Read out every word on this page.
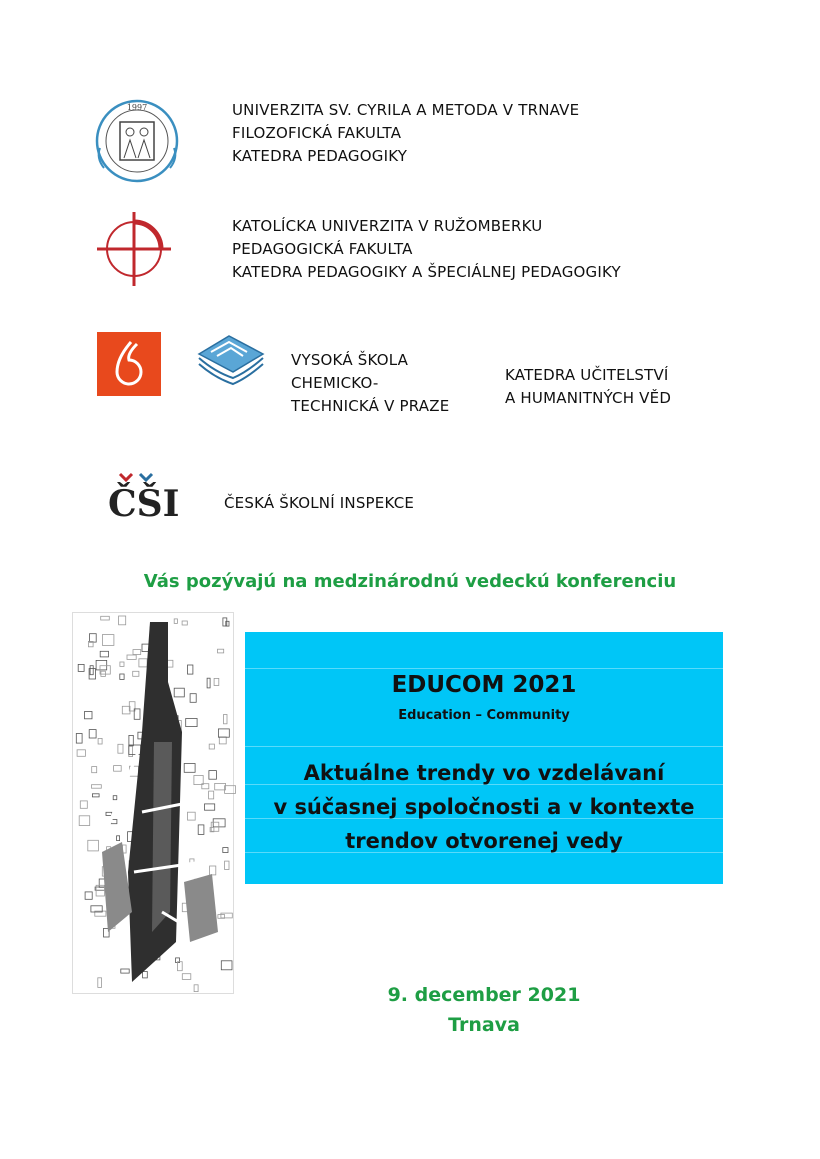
1997	UNIVERZITA SV. CYRILA A METODA V TRNAVE
FILOZOFICKÁ FAKULTA
KATEDRA PEDAGOGIKY
KATOLÍCKA UNIVERZITA V RUŽOMBERKU
PEDAGOGICKÁ FAKULTA
KATEDRA PEDAGOGIKY A ŠPECIÁLNEJ PEDAGOGIKY
VYSOKÁ ŠKOLA
CHEMICKO-
TECHNICKÁ V PRAZE
KATEDRA UČITELSTVÍ
A HUMANITNÝCH VĚD
ČŠI	ČESKÁ ŠKOLNÍ INSPEKCE
Vás pozývajú na medzinárodnú vedeckú konferenciu
EDUCOM 2021
Education – Community
Aktuálne trendy vo vzdelávaní
v súčasnej spoločnosti a v kontexte
trendov otvorenej vedy
9. december 2021
Trnava
